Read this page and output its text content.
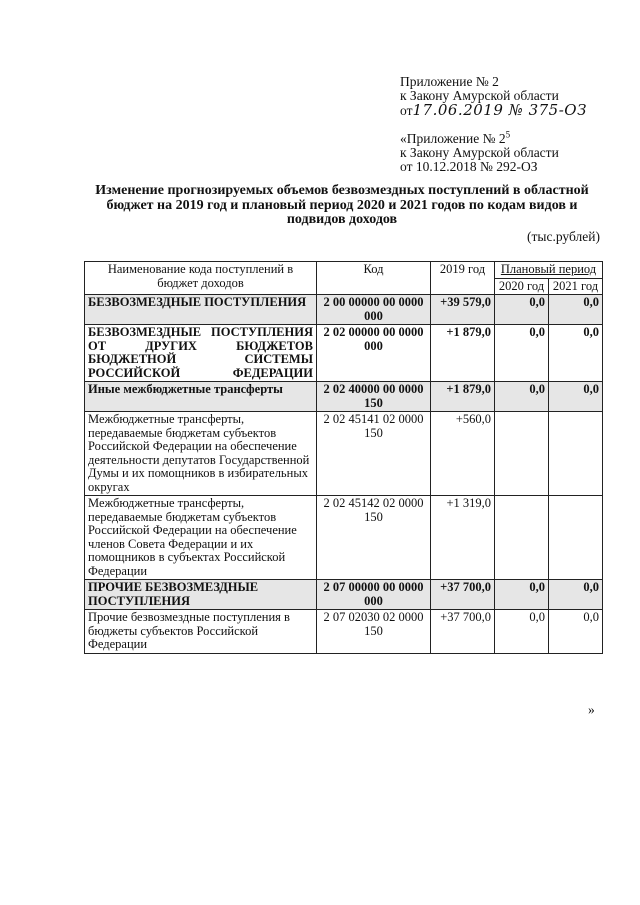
Приложение № 2
к Закону Амурской области
от17.06.2019 № 375-ОЗ
«Приложение № $2^5$
к Закону Амурской области
от 10.12.2018 № 292-ОЗ
Изменение прогнозируемых объемов безвозмездных поступлений в областной бюджет на 2019 год и плановый период 2020 и 2021 годов по кодам видов и подвидов доходов
(тыс.рублей)
Наименование кода поступлений в бюджет доходов	Код	2019 год	Плановый период	
			2020 год	2021 год
БЕЗВОЗМЕЗДНЫЕ ПОСТУПЛЕНИЯ	2 00 00000 00 0000 000	+39 579,0	0,0	0,0
БЕЗВОЗМЕЗДНЫЕ ПОСТУПЛЕНИЯ ОТ ДРУГИХ БЮДЖЕТОВ БЮДЖЕТНОЙ СИСТЕМЫ РОССИЙСКОЙ ФЕДЕРАЦИИ	2 02 00000 00 0000 000	+1 879,0	0,0	0,0
Иные межбюджетные трансферты	2 02 40000 00 0000 150	+1 879,0	0,0	0,0
Межбюджетные трансферты, передаваемые бюджетам субъектов Российской Федерации на обеспечение деятельности депутатов Государственной Думы и их помощников в избирательных округах	2 02 45141 02 0000 150	+560,0		
Межбюджетные трансферты, передаваемые бюджетам субъектов Российской Федерации на обеспечение членов Совета Федерации и их помощников в субъектах Российской Федерации	2 02 45142 02 0000 150	+1 319,0		
ПРОЧИЕ БЕЗВОЗМЕЗДНЫЕ ПОСТУПЛЕНИЯ	2 07 00000 00 0000 000	+37 700,0	0,0	0,0
Прочие безвозмездные поступления в бюджеты субъектов Российской Федерации	2 07 02030 02 0000 150	+37 700,0	0,0	0,0
»
